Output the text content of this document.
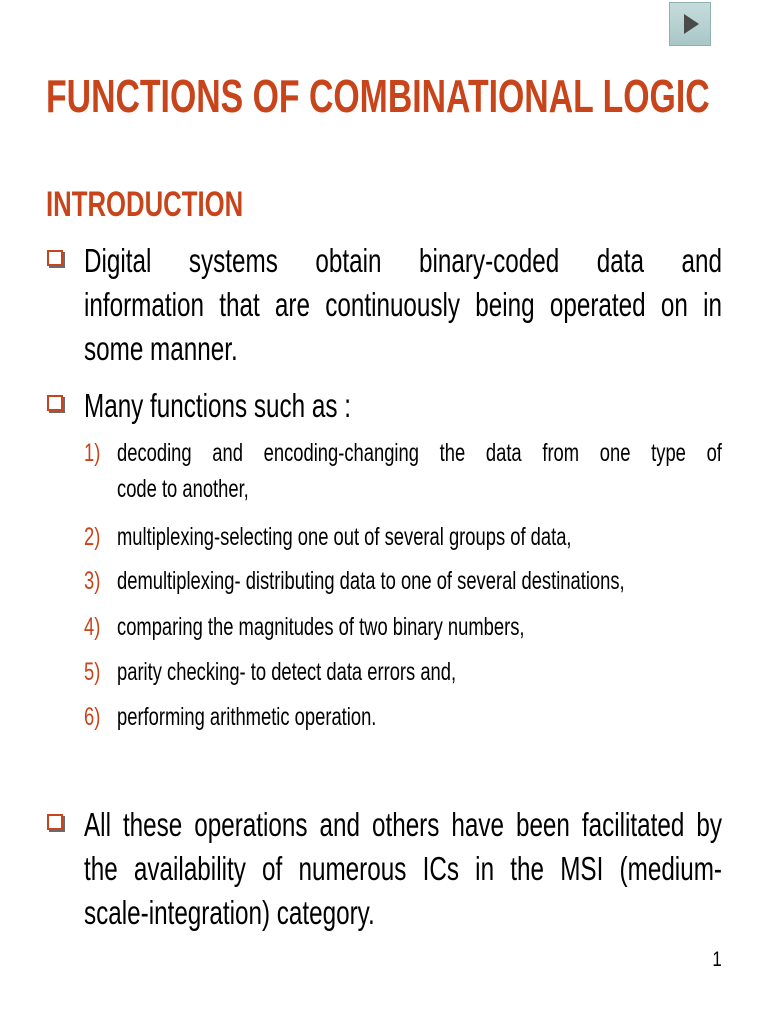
FUNCTIONS OF COMBINATIONAL LOGIC
INTRODUCTION
Digital systems obtain binary-coded data and
information that are continuously being operated on in
some manner.
Many functions such as :
1) decoding and encoding-changing the data from one type of
code to another,
2) multiplexing-selecting one out of several groups of data,
3) demultiplexing- distributing data to one of several destinations,
4) comparing the magnitudes of two binary numbers,
5) parity checking- to detect data errors and,
6) performing arithmetic operation.
All these operations and others have been facilitated by
the availability of numerous ICs in the MSI (medium-
scale-integration) category.
1
